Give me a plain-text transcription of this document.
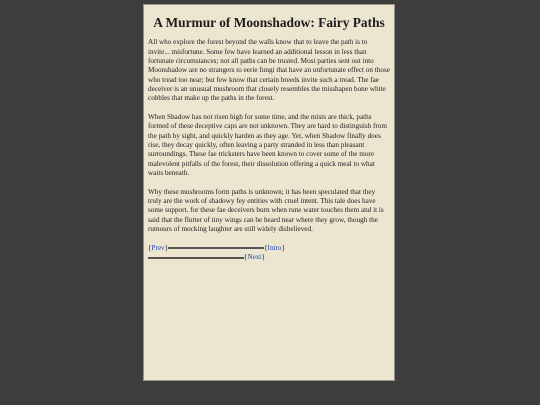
A Murmur of Moonshadow: Fairy Paths

All who explore the forest beyond the walls know that to leave the path is to invite... misfortune. Some few have learned an additional lesson in less than fortunate circumstances; not all paths can be trusted. Most parties sent out into Moonshadow are no strangers to eerie fungi that have an unfortunate effect on those who tread too near; but few know that certain breeds invite such a tread. The fae deceiver is an unusual mushroom that closely resembles the misshapen bone white cobbles that make up the paths in the forest.

When Shadow has not risen high for some time, and the mists are thick, paths formed of these deceptive caps are not unknown. They are hard to distinguish from the path by sight, and quickly harden as they age. Yet, when Shadow finally does rise, they decay quickly, often leaving a party stranded in less than pleasant surroundings. These fae tricksters have been known to cover some of the more malevolent pitfalls of the forest, their dissolution offering a quick meal to what waits beneath.

Why these mushrooms form paths is unknown; it has been speculated that they truly are the work of shadowy fey entities with cruel intent. This tale does have some support, for these fae deceivers burn when rune water touches them and it is said that the flutter of tiny wings can be heard near where they grow, though the rumours of mocking laughter are still widely disbelieved.

{ Prev }	{ Intro }
{ Next }
